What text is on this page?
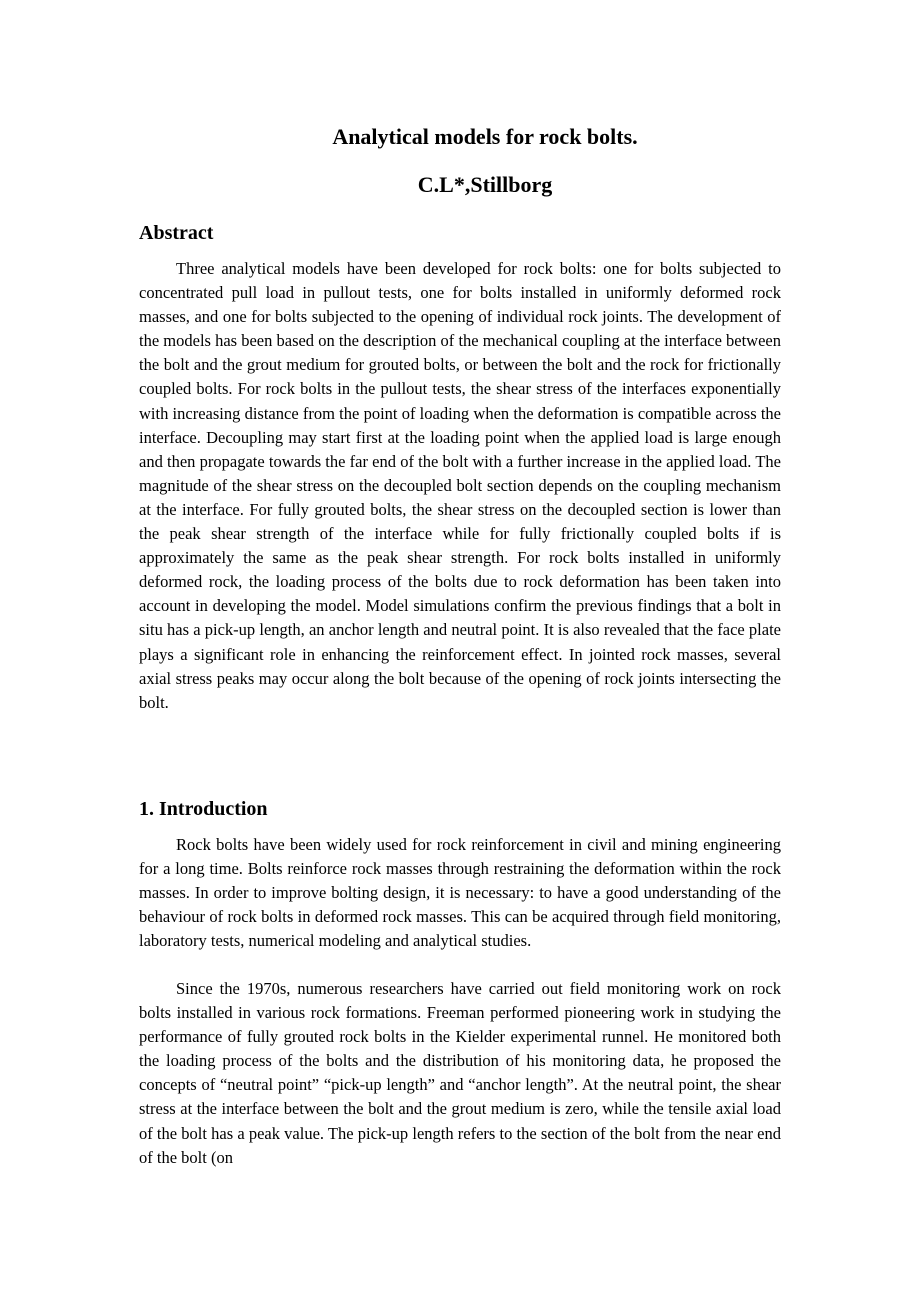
Analytical models for rock bolts.
C.L*,Stillborg
Abstract

Three analytical models have been developed for rock bolts: one for bolts subjected to concentrated pull load in pullout tests, one for bolts installed in uniformly deformed rock masses, and one for bolts subjected to the opening of individual rock joints. The development of the models has been based on the description of the mechanical coupling at the interface between the bolt and the grout medium for grouted bolts, or between the bolt and the rock for frictionally coupled bolts. For rock bolts in the pullout tests, the shear stress of the interfaces exponentially with increasing distance from the point of loading when the deformation is compatible across the interface. Decoupling may start first at the loading point when the applied load is large enough and then propagate towards the far end of the bolt with a further increase in the applied load. The magnitude of the shear stress on the decoupled bolt section depends on the coupling mechanism at the interface. For fully grouted bolts, the shear stress on the decoupled section is lower than the peak shear strength of the interface while for fully frictionally coupled bolts if is approximately the same as the peak shear strength. For rock bolts installed in uniformly deformed rock, the loading process of the bolts due to rock deformation has been taken into account in developing the model. Model simulations confirm the previous findings that a bolt in situ has a pick-up length, an anchor length and neutral point. It is also revealed that the face plate plays a significant role in enhancing the reinforcement effect. In jointed rock masses, several axial stress peaks may occur along the bolt because of the opening of rock joints intersecting the bolt.

1. Introduction

Rock bolts have been widely used for rock reinforcement in civil and mining engineering for a long time. Bolts reinforce rock masses through restraining the deformation within the rock masses. In order to improve bolting design, it is necessary: to have a good understanding of the behaviour of rock bolts in deformed rock masses. This can be acquired through field monitoring, laboratory tests, numerical modeling and analytical studies.

Since the 1970s, numerous researchers have carried out field monitoring work on rock bolts installed in various rock formations. Freeman performed pioneering work in studying the performance of fully grouted rock bolts in the Kielder experimental runnel. He monitored both the loading process of the bolts and the distribution of his monitoring data, he proposed the concepts of “neutral point” “pick-up length” and “anchor length”. At the neutral point, the shear stress at the interface between the bolt and the grout medium is zero, while the tensile axial load of the bolt has a peak value. The pick-up length refers to the section of the bolt from the near end of the bolt (on
